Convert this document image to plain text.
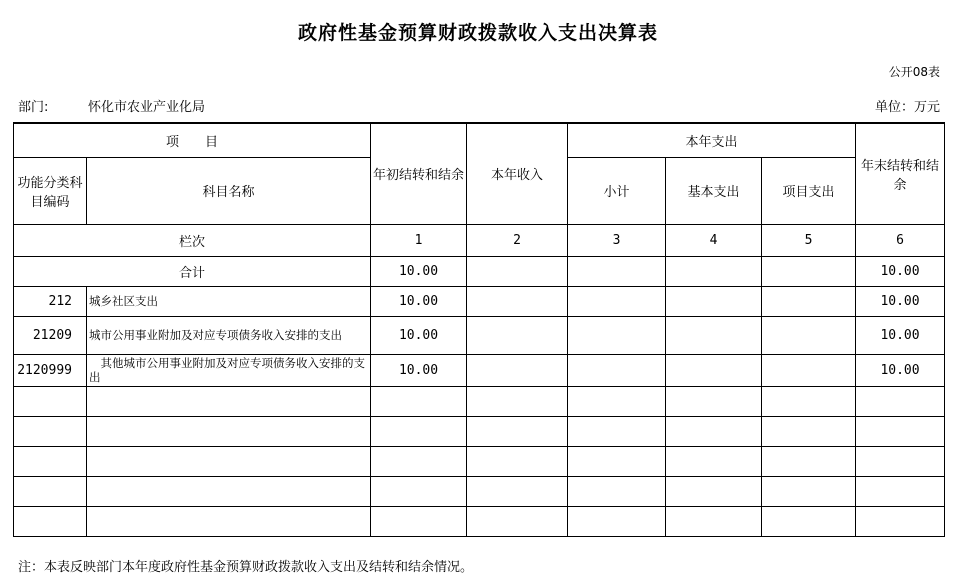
政府性基金预算财政拨款收入支出决算表
公开08表
部门:	怀化市农业产业化局	单位：万元
项　　目		年初结转和结余	本年收入	本年支出			年末结转和结余
功能分类科目编码	科目名称			小计	基本支出	项目支出	
栏次		1	2	3	4	5	6
合计		10.00					10.00
212	城乡社区支出	10.00					10.00
21209	城市公用事业附加及对应专项债务收入安排的支出	10.00					10.00
2120999	　其他城市公用事业附加及对应专项债务收入安排的支出	10.00					10.00

注：本表反映部门本年度政府性基金预算财政拨款收入支出及结转和结余情况。
